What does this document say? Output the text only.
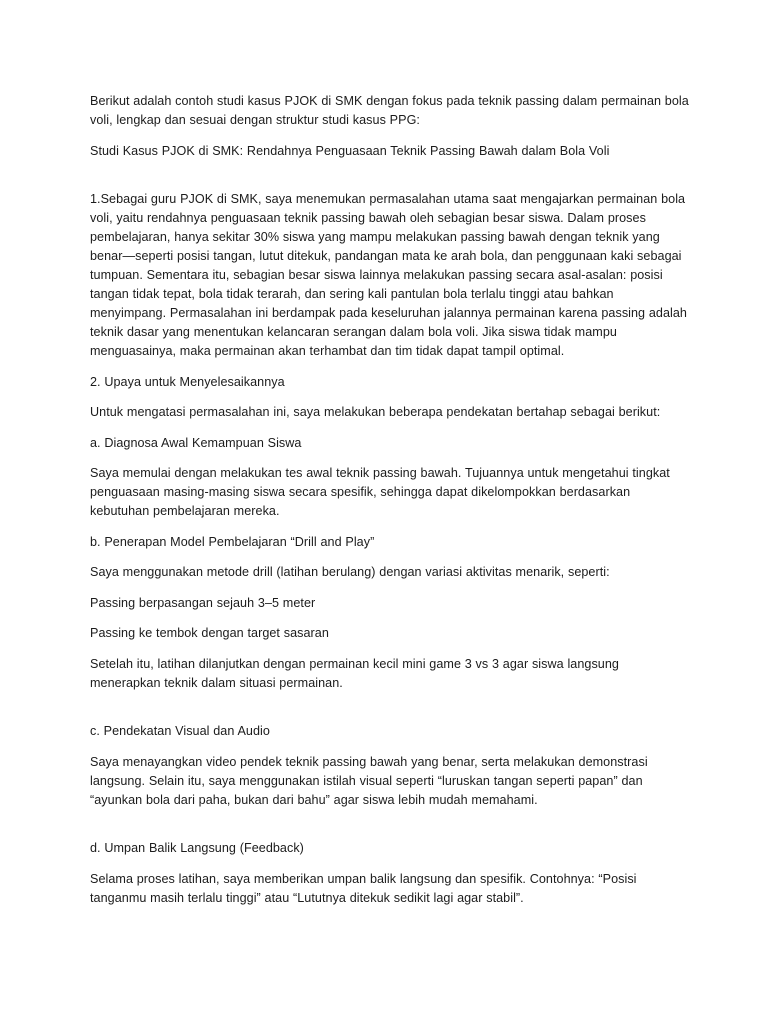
Berikut adalah contoh studi kasus PJOK di SMK dengan fokus pada teknik passing dalam permainan bola voli, lengkap dan sesuai dengan struktur studi kasus PPG:

Studi Kasus PJOK di SMK: Rendahnya Penguasaan Teknik Passing Bawah dalam Bola Voli

1.Sebagai guru PJOK di SMK, saya menemukan permasalahan utama saat mengajarkan permainan bola voli, yaitu rendahnya penguasaan teknik passing bawah oleh sebagian besar siswa. Dalam proses pembelajaran, hanya sekitar 30% siswa yang mampu melakukan passing bawah dengan teknik yang benar—seperti posisi tangan, lutut ditekuk, pandangan mata ke arah bola, dan penggunaan kaki sebagai tumpuan. Sementara itu, sebagian besar siswa lainnya melakukan passing secara asal-asalan: posisi tangan tidak tepat, bola tidak terarah, dan sering kali pantulan bola terlalu tinggi atau bahkan menyimpang. Permasalahan ini berdampak pada keseluruhan jalannya permainan karena passing adalah teknik dasar yang menentukan kelancaran serangan dalam bola voli. Jika siswa tidak mampu menguasainya, maka permainan akan terhambat dan tim tidak dapat tampil optimal.

2. Upaya untuk Menyelesaikannya

Untuk mengatasi permasalahan ini, saya melakukan beberapa pendekatan bertahap sebagai berikut:

a. Diagnosa Awal Kemampuan Siswa

Saya memulai dengan melakukan tes awal teknik passing bawah. Tujuannya untuk mengetahui tingkat penguasaan masing-masing siswa secara spesifik, sehingga dapat dikelompokkan berdasarkan kebutuhan pembelajaran mereka.

b. Penerapan Model Pembelajaran “Drill and Play”

Saya menggunakan metode drill (latihan berulang) dengan variasi aktivitas menarik, seperti:

Passing berpasangan sejauh 3–5 meter

Passing ke tembok dengan target sasaran

Setelah itu, latihan dilanjutkan dengan permainan kecil mini game 3 vs 3 agar siswa langsung menerapkan teknik dalam situasi permainan.

c. Pendekatan Visual dan Audio

Saya menayangkan video pendek teknik passing bawah yang benar, serta melakukan demonstrasi langsung. Selain itu, saya menggunakan istilah visual seperti “luruskan tangan seperti papan” dan “ayunkan bola dari paha, bukan dari bahu” agar siswa lebih mudah memahami.

d. Umpan Balik Langsung (Feedback)

Selama proses latihan, saya memberikan umpan balik langsung dan spesifik. Contohnya: “Posisi tanganmu masih terlalu tinggi” atau “Lututnya ditekuk sedikit lagi agar stabil”.
